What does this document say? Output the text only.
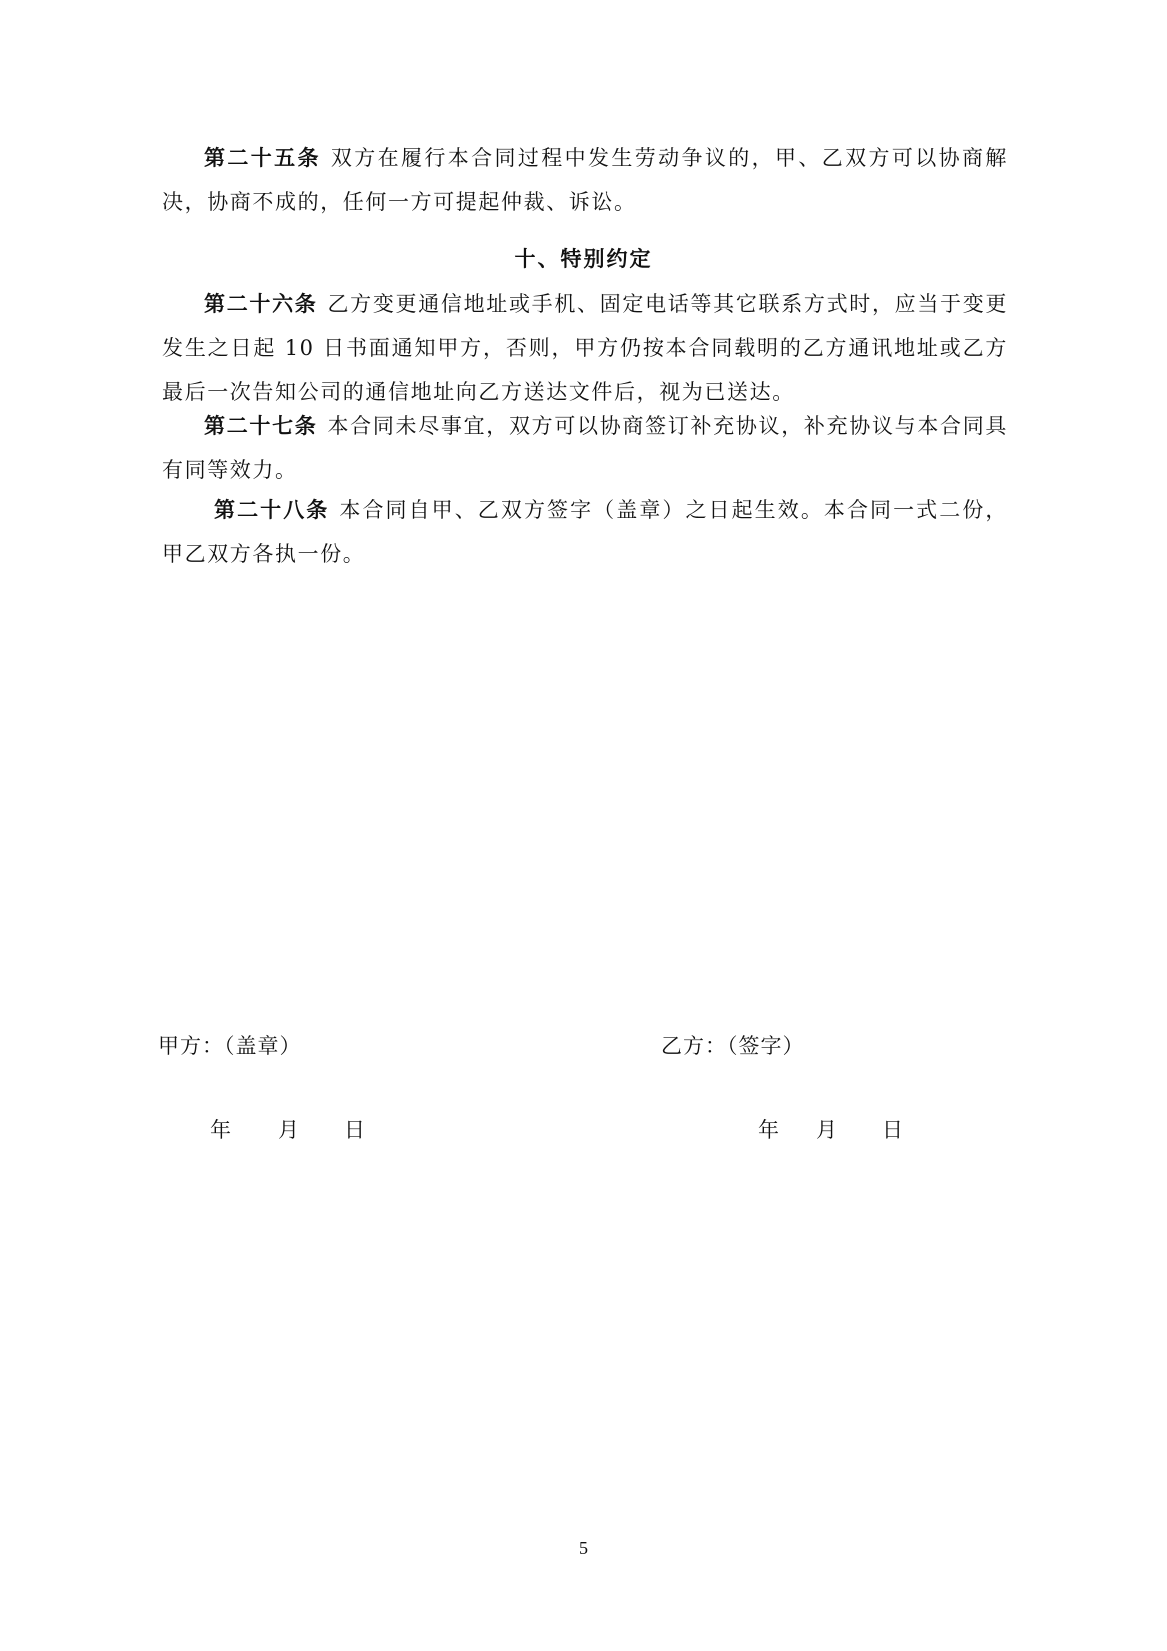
第二十五条 双方在履行本合同过程中发生劳动争议的，甲、乙双方可以协商解决，协商不成的，任何一方可提起仲裁、诉讼。
十、特别约定
第二十六条 乙方变更通信地址或手机、固定电话等其它联系方式时，应当于变更发生之日起 10 日书面通知甲方，否则，甲方仍按本合同载明的乙方通讯地址或乙方最后一次告知公司的通信地址向乙方送达文件后，视为已送达。
第二十七条 本合同未尽事宜，双方可以协商签订补充协议，补充协议与本合同具有同等效力。
第二十八条 本合同自甲、乙双方签字（盖章）之日起生效。本合同一式二份，甲乙双方各执一份。
甲方：（盖章）	乙方：（签字）
年	月	日	年	月	日
5
